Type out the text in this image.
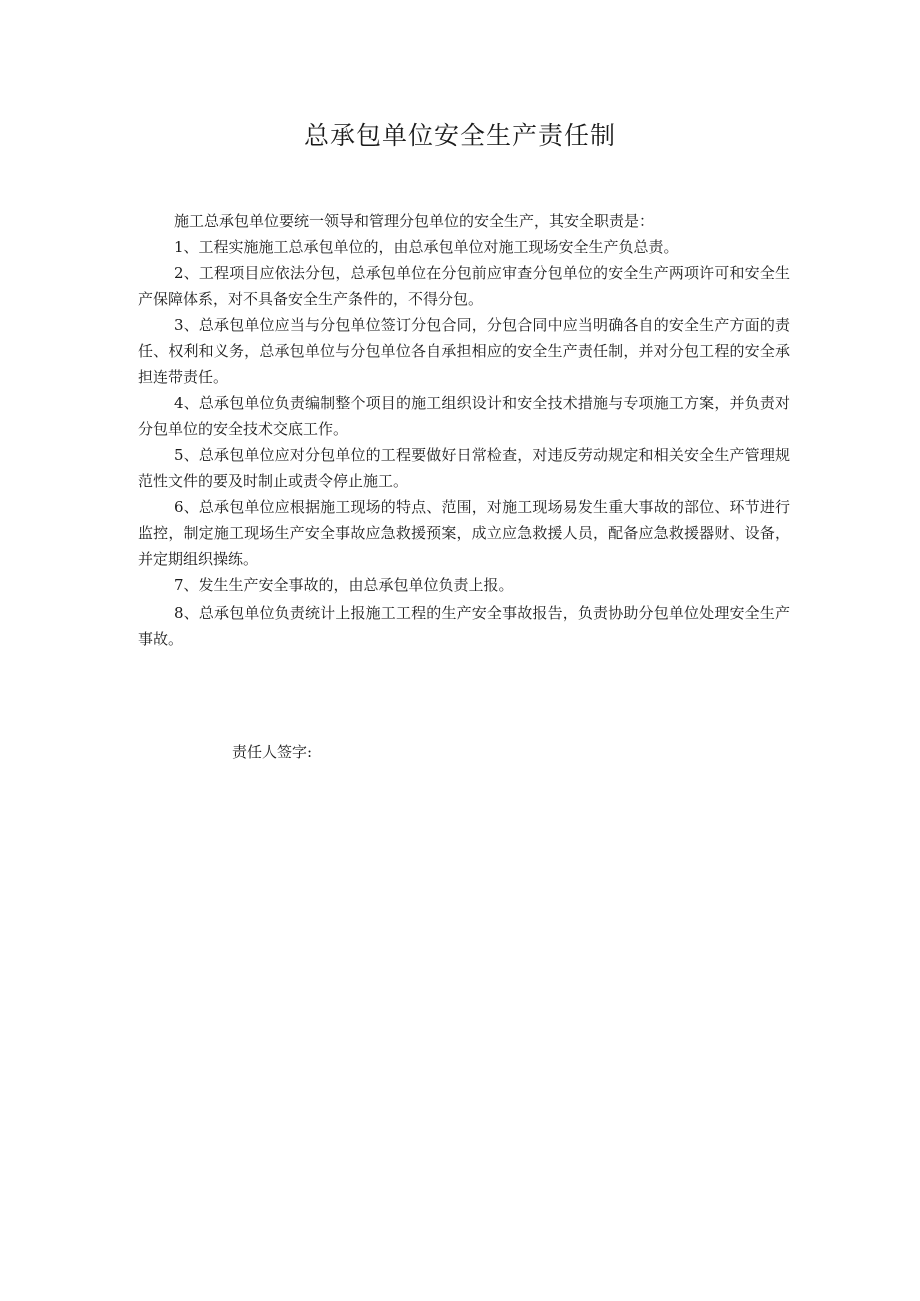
总承包单位安全生产责任制

施工总承包单位要统一领导和管理分包单位的安全生产，其安全职责是：

1、工程实施施工总承包单位的，由总承包单位对施工现场安全生产负总责。

2、工程项目应依法分包，总承包单位在分包前应审查分包单位的安全生产两项许可和安全生产保障体系，对不具备安全生产条件的，不得分包。

3、总承包单位应当与分包单位签订分包合同，分包合同中应当明确各自的安全生产方面的责任、权利和义务，总承包单位与分包单位各自承担相应的安全生产责任制，并对分包工程的安全承担连带责任。

4、总承包单位负责编制整个项目的施工组织设计和安全技术措施与专项施工方案，并负责对分包单位的安全技术交底工作。

5、总承包单位应对分包单位的工程要做好日常检查，对违反劳动规定和相关安全生产管理规范性文件的要及时制止或责令停止施工。

6、总承包单位应根据施工现场的特点、范围，对施工现场易发生重大事故的部位、环节进行监控，制定施工现场生产安全事故应急救援预案，成立应急救援人员，配备应急救援器财、设备，并定期组织操练。

7、发生生产安全事故的，由总承包单位负责上报。

8、总承包单位负责统计上报施工工程的生产安全事故报告，负责协助分包单位处理安全生产事故。

责任人签字:
